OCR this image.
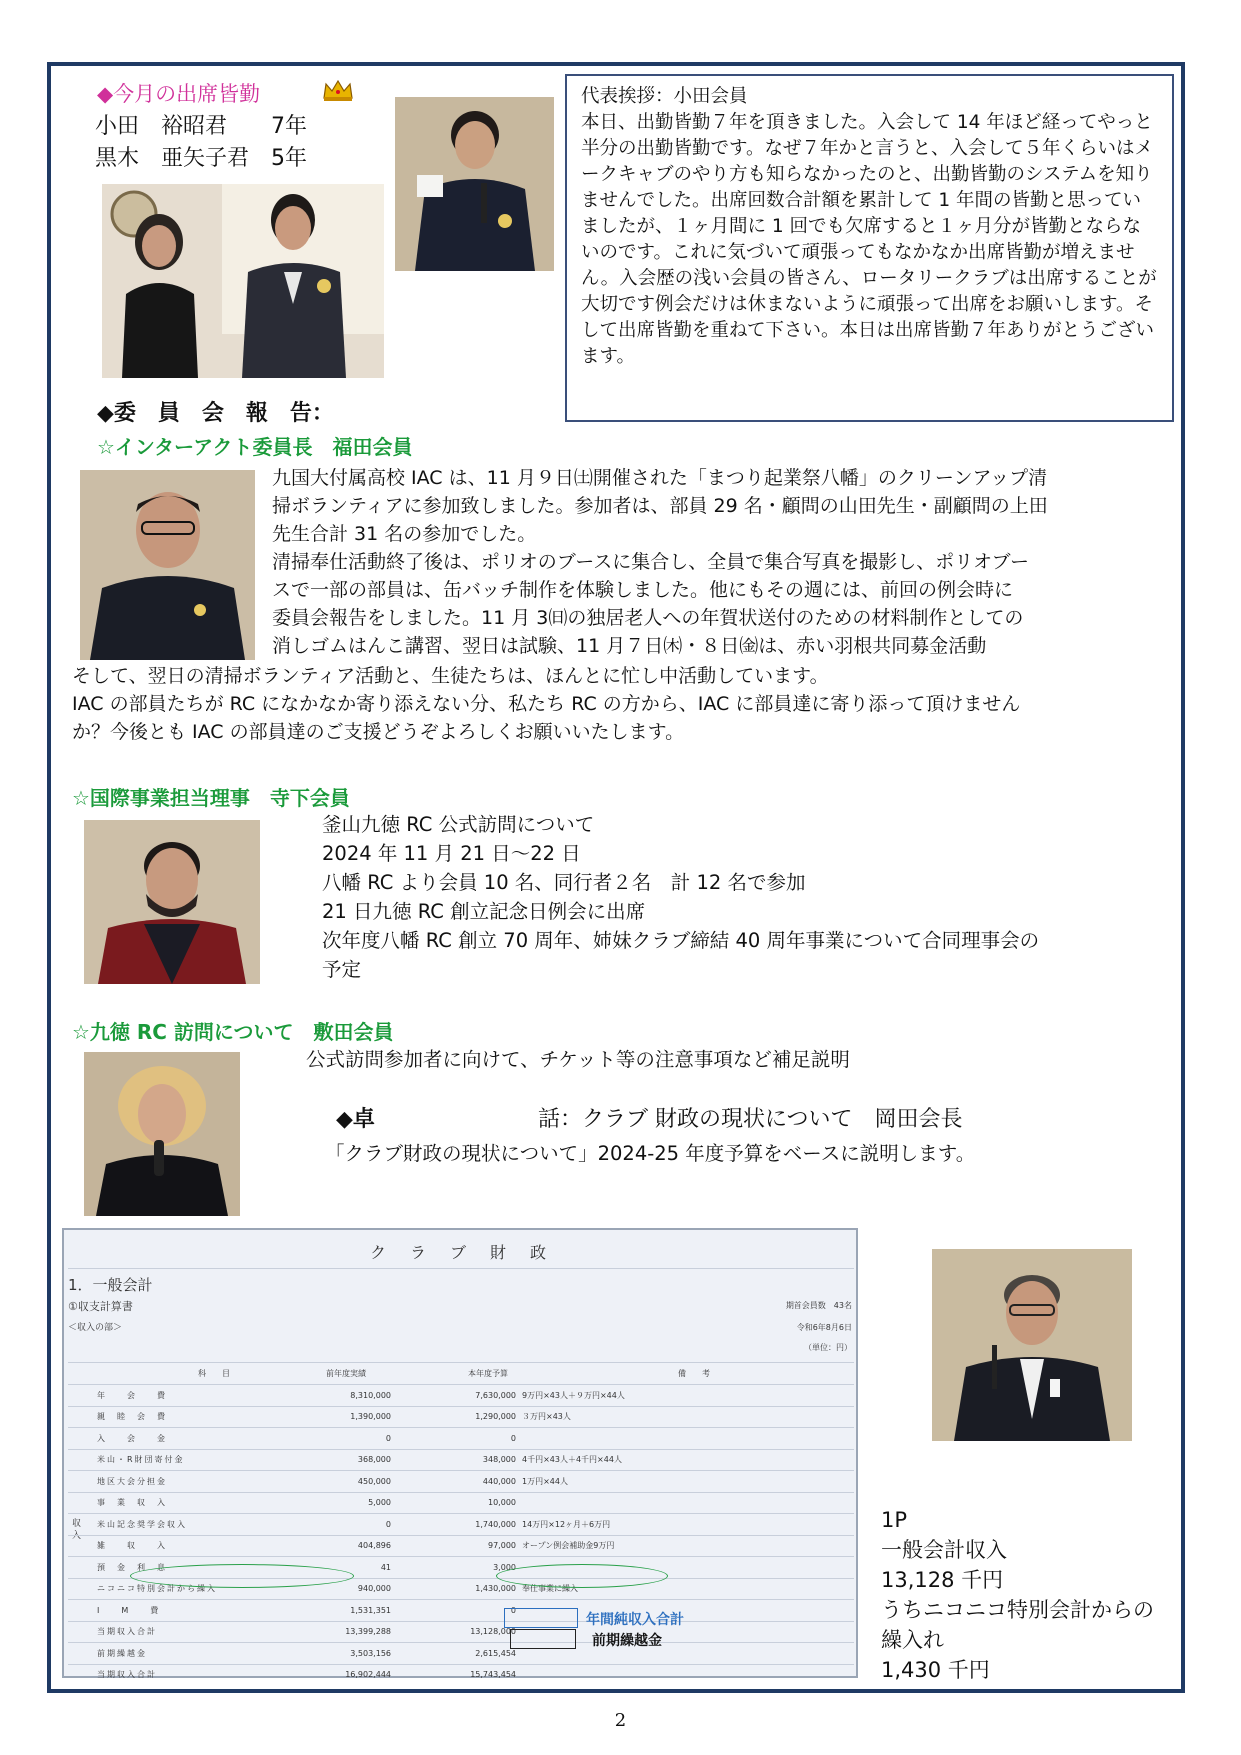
◆今月の出席皆勤
小田　裕昭君　　 7年
黒木　亜矢子君　 5年
代表挨拶：小田会員
本日、出勤皆勤７年を頂きました。入会して 14 年ほど経ってやっと半分の出勤皆勤です。なぜ７年かと言うと、入会して５年くらいはメークキャブのやり方も知らなかったのと、出勤皆勤のシステムを知りませんでした。出席回数合計額を累計して 1 年間の皆勤と思っていましたが、１ヶ月間に 1 回でも欠席すると１ヶ月分が皆勤とならないのです。これに気づいて頑張ってもなかなか出席皆勤が増えません。入会歴の浅い会員の皆さん、ロータリークラブは出席することが大切です例会だけは休まないように頑張って出席をお願いします。そして出席皆勤を重ねて下さい。本日は出席皆勤７年ありがとうございます。
◆委　員　会　報　告：
☆インターアクト委員長　福田会員
九国大付属高校 IAC は、11 月９日㈯開催された「まつり起業祭八幡」のクリーンアップ清
掃ボランティアに参加致しました。参加者は、部員 29 名・顧問の山田先生・副顧問の上田
先生合計 31 名の参加でした。
清掃奉仕活動終了後は、ポリオのブースに集合し、全員で集合写真を撮影し、ポリオブー
スで一部の部員は、缶バッチ制作を体験しました。他にもその週には、前回の例会時に
委員会報告をしました。11 月 3㈰の独居老人への年賀状送付のための材料制作としての
消しゴムはんこ講習、翌日は試験、11 月７日㈭・８日㈮は、赤い羽根共同募金活動
そして、翌日の清掃ボランティア活動と、生徒たちは、ほんとに忙し中活動しています。
IAC の部員たちが RC になかなか寄り添えない分、私たち RC の方から、IAC に部員達に寄り添って頂けません
か？今後とも IAC の部員達のご支援どうぞよろしくお願いいたします。
☆国際事業担当理事　寺下会員
釜山九徳 RC 公式訪問について
2024 年 11 月 21 日～22 日
八幡 RC より会員 10 名、同行者２名　計 12 名で参加
21 日九徳 RC 創立記念日例会に出席
次年度八幡 RC 創立 70 周年、姉妹クラブ締結 40 周年事業について合同理事会の
予定
☆九徳 RC 訪問について　敷田会員
公式訪問参加者に向けて、チケット等の注意事項など補足説明
◆卓	話：クラブ 財政の現状について　岡田会長
「クラブ財政の現状について」2024-25 年度予算をベースに説明します。
ク　ラ　ブ　財　政
1．一般会計
①収支計算書
＜収入の部＞
期首会員数　43名
令和6年8月6日
（単位：円）
科　　目	前年度実績	本年度予算	備　　考
収入
	年　　会　　費	8,310,000	7,630,000	9万円×43人＋９万円×44人
	親　睦　会　費	1,390,000	1,290,000	３万円×43人
	入　　会　　金	0	0	
	米山・R財団寄付金	368,000	348,000	4千円×43人＋4千円×44人
	地区大会分担金	450,000	440,000	1万円×44人
	事　業　収　入	5,000	10,000	
	米山記念奨学会収入	0	1,740,000	14万円×12ヶ月＋6万円
	雑　　収　　入	404,896	97,000	オープン例会補助金9万円
	預　金　利　息	41	3,000	
	ニコニコ特別会計から繰入	940,000	1,430,000	奉仕事業に繰入
	I　　M　　費	1,531,351	0	
	当期収入合計	13,399,288	13,128,000	
	前期繰越金	3,503,156	2,615,454	
	当期収入合計	16,902,444	15,743,454	
年間純収入合計
前期繰越金
1P
一般会計収入
13,128 千円
うちニコニコ特別会計からの
繰入れ
1,430 千円
2
